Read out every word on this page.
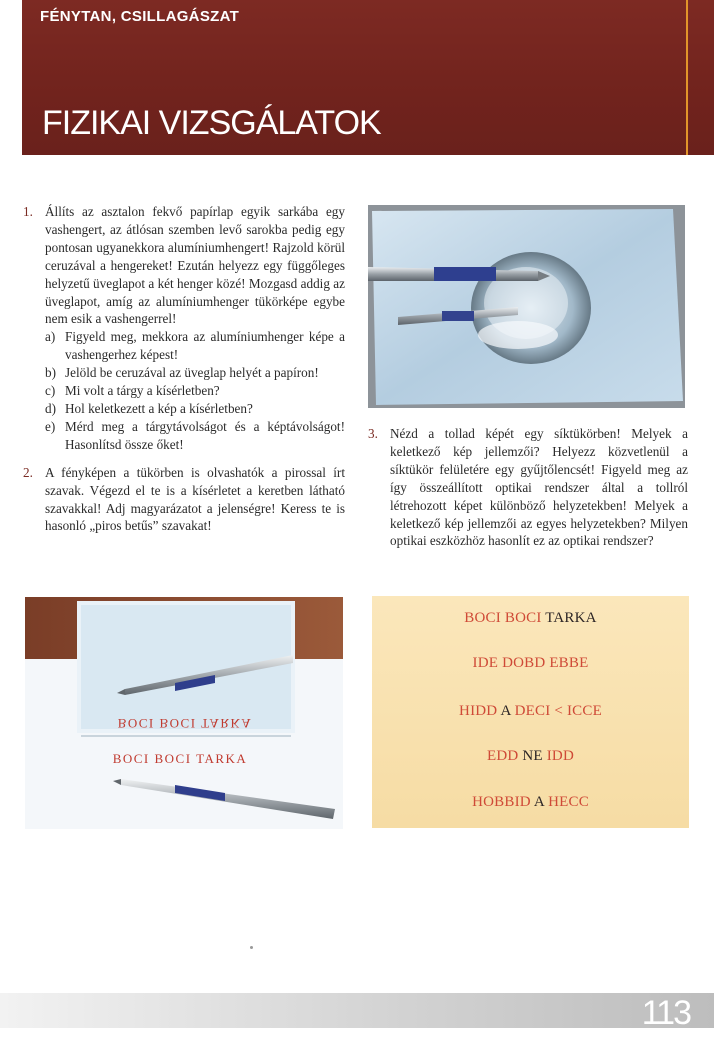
FÉNYTAN, CSILLAGÁSZAT
FIZIKAI VIZSGÁLATOK
1. Állíts az asztalon fekvő papírlap egyik sarkába egy vashengert, az átlósan szemben levő sarokba pedig egy pontosan ugyanekkora alumíniumhengert! Rajzold körül ceruzával a hengereket! Ezután helyezz egy függőleges helyzetű üveglapot a két henger közé! Mozgasd addig az üveglapot, amíg az alumíniumhenger tükörképe egybe nem esik a vashengerrel!
a) Figyeld meg, mekkora az alumíniumhenger képe a vashengerhez képest!
b) Jelöld be ceruzával az üveglap helyét a papíron!
c) Mi volt a tárgy a kísérletben?
d) Hol keletkezett a kép a kísérletben?
e) Mérd meg a tárgytávolságot és a képtávolságot! Hasonlítsd össze őket!
2. A fényképen a tükörben is olvashatók a pirossal írt szavak. Végezd el te is a kísérletet a keretben látható szavakkal! Adj magyarázatot a jelenségre! Keress te is hasonló „piros betűs” szavakat!
3. Nézd a tollad képét egy síktükörben! Melyek a keletkező kép jellemzői? Helyezz közvetlenül a síktükör felületére egy gyűjtőlencsét! Figyeld meg az így összeállított optikai rendszer által a tollról létrehozott képet különböző helyzetekben! Melyek a keletkező kép jellemzői az egyes helyzetekben? Milyen optikai eszközhöz hasonlít ez az optikai rendszer?
BOCI BOCI TARKA
BOCI BOCI TARKA
BOCI BOCI TARKA
IDE DOBD EBBE
HIDD A DECI < ICCE
EDD NE IDD
HOBBID A HECC
113
